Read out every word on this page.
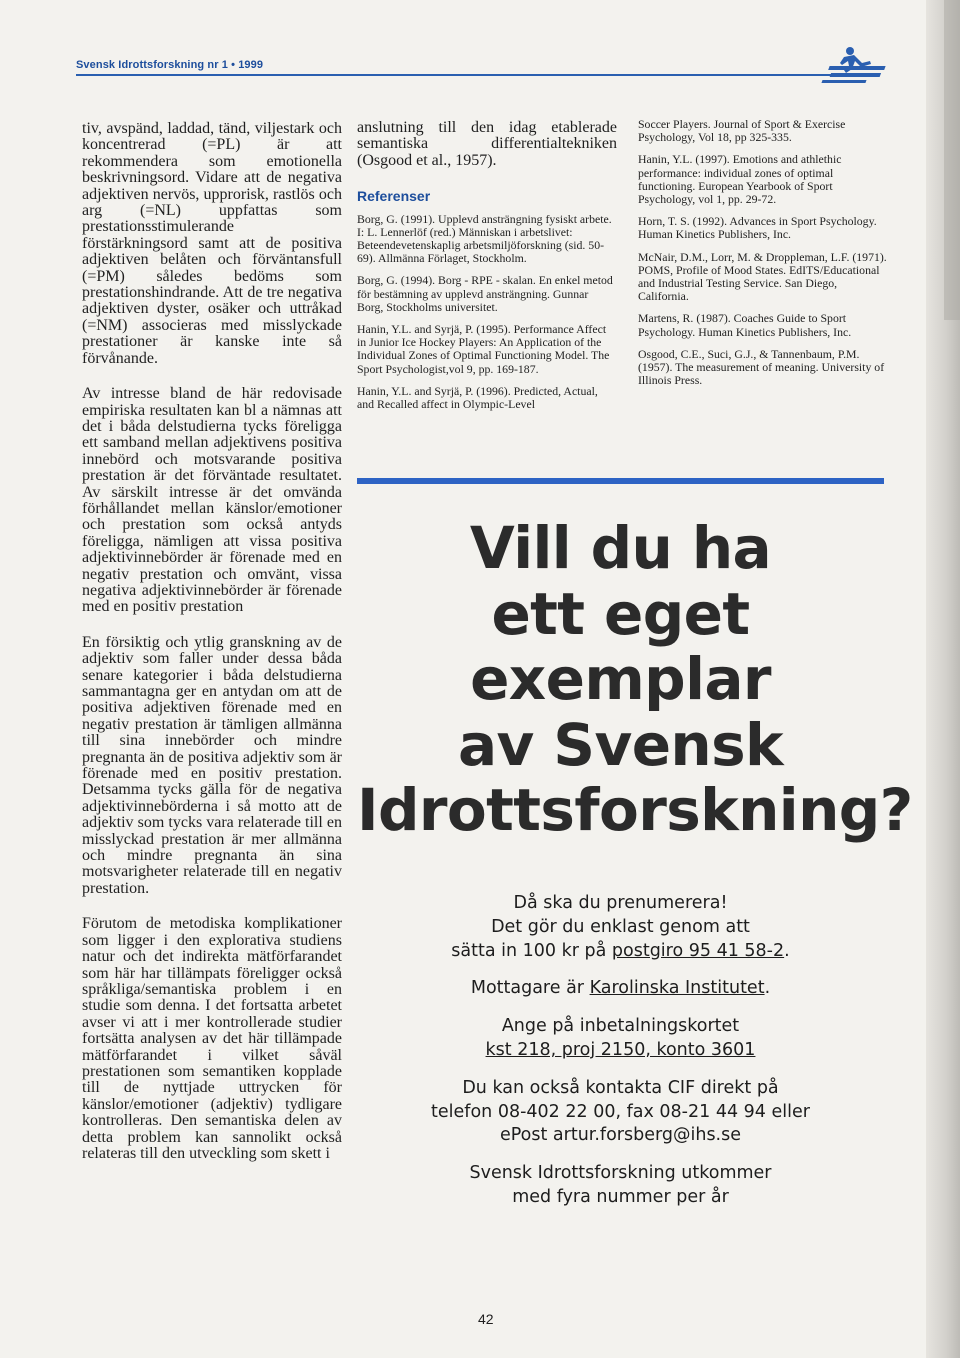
Svensk Idrottsforskning nr 1 • 1999

tiv, avspänd, laddad, tänd, viljestark och koncentrerad (=PL) är att rekommendera som emotionella beskrivningsord. Vidare att de negativa adjektiven nervös, upprorisk, rastlös och arg (=NL) uppfattas som prestationsstimulerande förstärkningsord samt att de positiva adjektiven belåten och förväntansfull (=PM) således bedöms som prestationshindrande. Att de tre negativa adjektiven dyster, osäker och uttråkad (=NM) associeras med misslyckade prestationer är kanske inte så förvånande.

Av intresse bland de här redovisade empiriska resultaten kan bl a nämnas att det i båda delstudierna tycks föreligga ett samband mellan adjektivens positiva innebörd och motsvarande positiva prestation är det förväntade resultatet. Av särskilt intresse är det omvända förhållandet mellan känslor/emotioner och prestation som också antyds föreligga, nämligen att vissa positiva adjektivinnebörder är förenade med en negativ prestation och omvänt, vissa negativa adjektivinnebörder är förenade med en positiv prestation

En försiktig och ytlig granskning av de adjektiv som faller under dessa båda senare kategorier i båda delstudierna sammantagna ger en antydan om att de positiva adjektiven förenade med en negativ prestation är tämligen allmänna till sina innebörder och mindre pregnanta än de positiva adjektiv som är förenade med en positiv prestation. Detsamma tycks gälla för de negativa adjektivinnebörderna i så motto att de adjektiv som tycks vara relaterade till en misslyckad prestation är mer allmänna och mindre pregnanta än sina motsvarigheter relaterade till en negativ prestation.

Förutom de metodiska komplikationer som ligger i den explorativa studiens natur och det indirekta mätförfarandet som här har tillämpats föreligger också språkliga/semantiska problem i en studie som denna. I det fortsatta arbetet avser vi att i mer kontrollerade studier fortsätta analysen av det här tillämpade mätförfarandet i vilket såväl prestationen som semantiken kopplade till de nyttjade uttrycken för känslor/emotioner (adjektiv) tydligare kontrolleras. Den semantiska delen av detta problem kan sannolikt också relateras till den utveckling som skett i

anslutning till den idag etablerade semantiska differentialtekniken (Osgood et al., 1957).

Referenser
Borg, G. (1991). Upplevd ansträngning fysiskt arbete. I: L. Lennerlöf (red.) Människan i arbetslivet: Beteendevetenskaplig arbetsmiljöforskning (sid. 50-69). Allmänna Förlaget, Stockholm.
Borg, G. (1994). Borg - RPE - skalan. En enkel metod för bestämning av upplevd ansträngning. Gunnar Borg, Stockholms universitet.
Hanin, Y.L. and Syrjä, P. (1995). Performance Affect in Junior Ice Hockey Players: An Application of the Individual Zones of Optimal Functioning Model. The Sport Psychologist,vol 9, pp. 169-187.
Hanin, Y.L. and Syrjä, P. (1996). Predicted, Actual, and Recalled affect in Olympic-Level
Soccer Players. Journal of Sport & Exercise Psychology, Vol 18, pp 325-335.
Hanin, Y.L. (1997). Emotions and athlethic performance: individual zones of optimal functioning. European Yearbook of Sport Psychology, vol 1, pp. 29-72.
Horn, T. S. (1992). Advances in Sport Psychology. Human Kinetics Publishers, Inc.
McNair, D.M., Lorr, M. & Droppleman, L.F. (1971). POMS, Profile of Mood States. EdITS/Educational and Industrial Testing Service. San Diego, California.
Martens, R. (1987). Coaches Guide to Sport Psychology. Human Kinetics Publishers, Inc.
Osgood, C.E., Suci, G.J., & Tannenbaum, P.M. (1957). The measurement of meaning. University of Illinois Press.
Vill du ha
ett eget
exemplar
av Svensk
Idrottsforskning?
Då ska du prenumerera!
Det gör du enklast genom att
sätta in 100 kr på postgiro 95 41 58-2.
Mottagare är Karolinska Institutet.
Ange på inbetalningskortet
kst 218, proj 2150, konto 3601
Du kan också kontakta CIF direkt på
telefon 08-402 22 00, fax 08-21 44 94 eller
ePost artur.forsberg@ihs.se
Svensk Idrottsforskning utkommer
med fyra nummer per år
42
